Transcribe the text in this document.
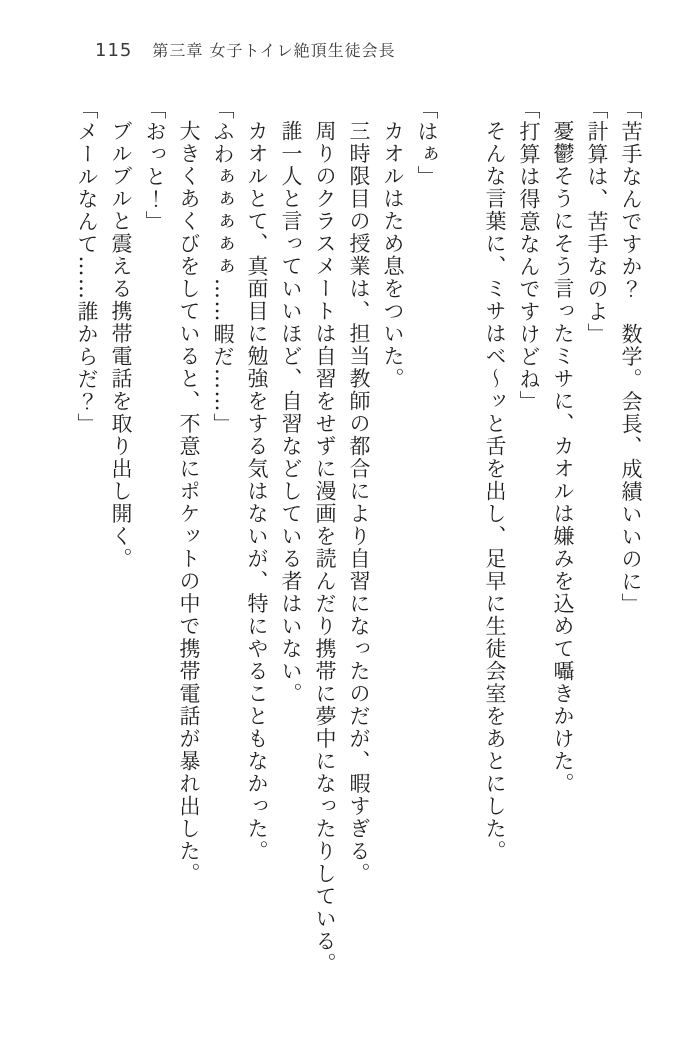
115 第三章 女子トイレ絶頂生徒会長

「苦手なんですか？　数学。会長、成績いいのに」

「計算は、苦手なのよ」

憂鬱そうにそう言ったミサに、カオルは嫌みを込めて囁きかけた。

「打算は得意なんですけどね」

そんな言葉に、ミサはベ〜ッと舌を出し、足早に生徒会室をあとにした。

「はぁ」

カオルはため息をついた。

三時限目の授業は、担当教師の都合により自習になったのだが、暇すぎる。

周りのクラスメートは自習をせずに漫画を読んだり携帯に夢中になったりしている。

誰一人と言っていいほど、自習などしている者はいない。

カオルとて、真面目に勉強をする気はないが、特にやることもなかった。

「ふわぁぁぁぁぁ……暇だ……」

大きくあくびをしていると、不意にポケットの中で携帯電話が暴れ出した。

「おっと！」

ブルブルと震える携帯電話を取り出し開く。

「メールなんて……誰からだ？」
